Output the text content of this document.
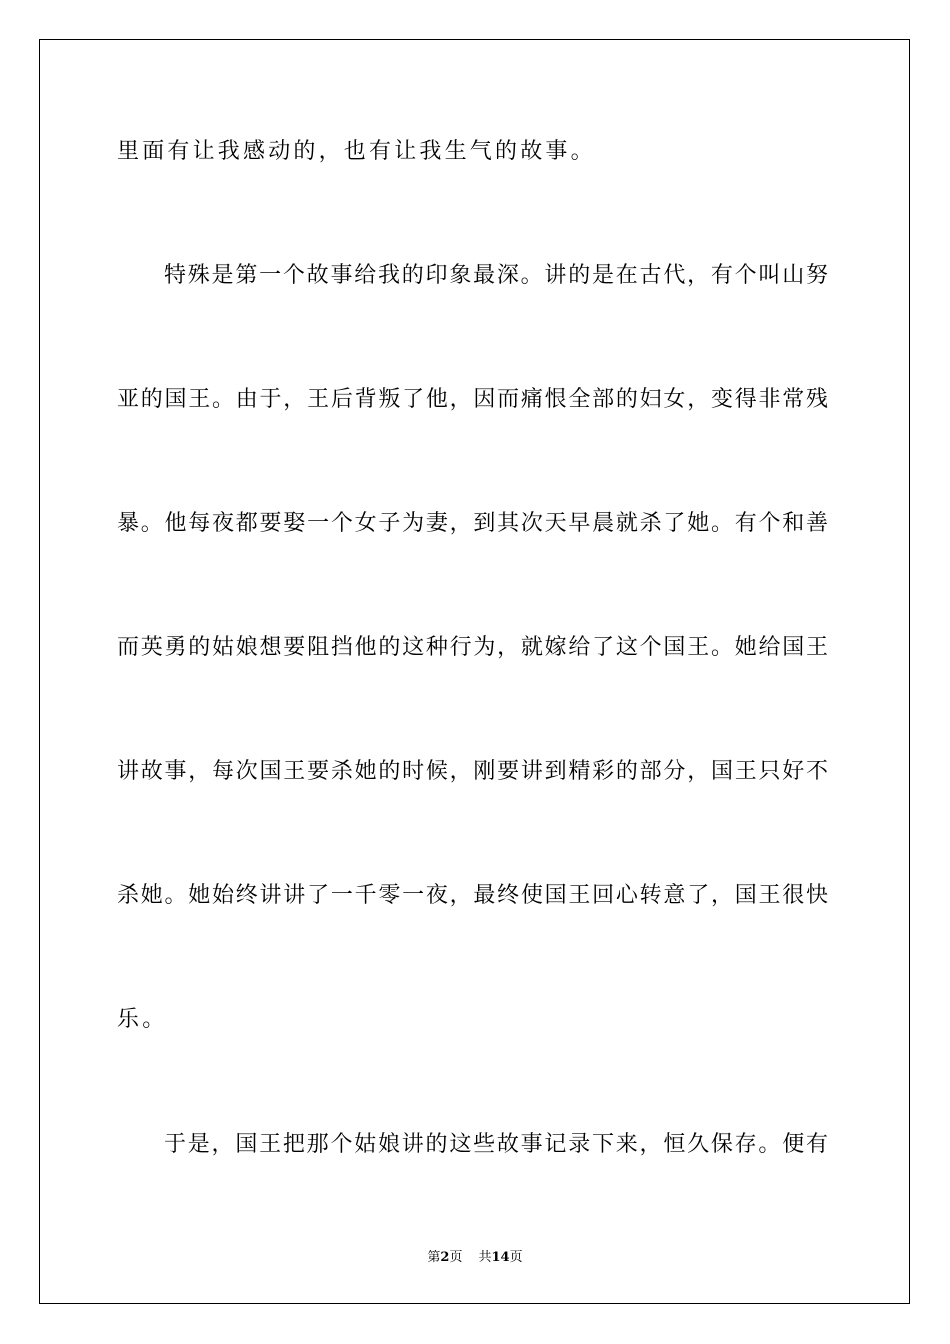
里面有让我感动的，也有让我生气的故事。
特殊是第一个故事给我的印象最深。讲的是在古代，有个叫山努
亚的国王。由于，王后背叛了他，因而痛恨全部的妇女，变得非常残
暴。他每夜都要娶一个女子为妻，到其次天早晨就杀了她。有个和善
而英勇的姑娘想要阻挡他的这种行为，就嫁给了这个国王。她给国王
讲故事，每次国王要杀她的时候，刚要讲到精彩的部分，国王只好不
杀她。她始终讲讲了一千零一夜，最终使国王回心转意了，国王很快
乐。
于是，国王把那个姑娘讲的这些故事记录下来，恒久保存。便有
第2页 共14页
